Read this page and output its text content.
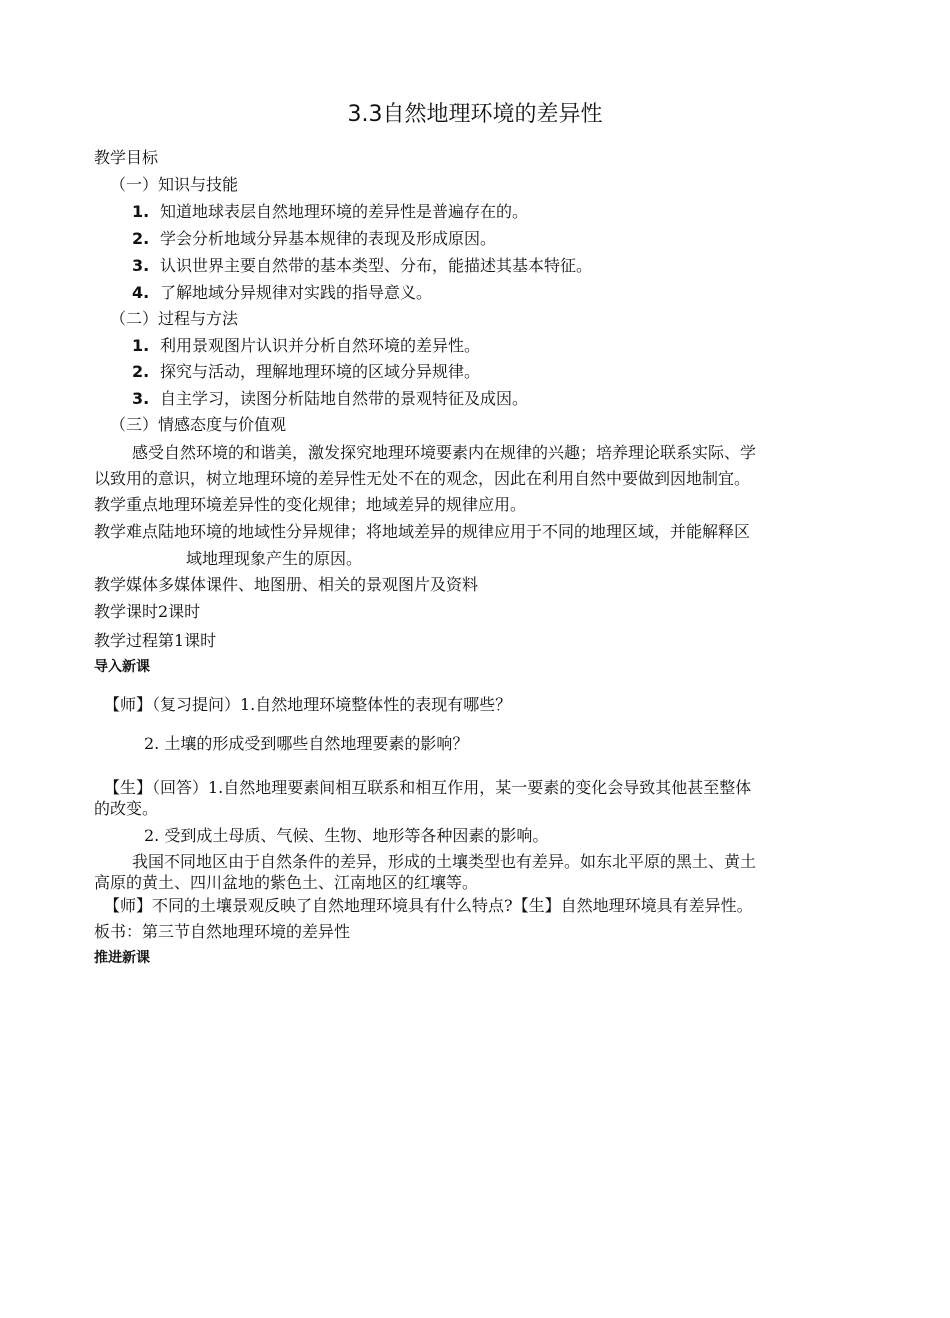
3.3自然地理环境的差异性
教学目标
（一）知识与技能
1. 知道地球表层自然地理环境的差异性是普遍存在的。
2. 学会分析地域分异基本规律的表现及形成原因。
3. 认识世界主要自然带的基本类型、分布，能描述其基本特征。
4. 了解地域分异规律对实践的指导意义。
（二）过程与方法
1. 利用景观图片认识并分析自然环境的差异性。
2. 探究与活动，理解地理环境的区域分异规律。
3. 自主学习，读图分析陆地自然带的景观特征及成因。
（三）情感态度与价值观
感受自然环境的和谐美，激发探究地理环境要素内在规律的兴趣；培养理论联系实际、学
以致用的意识，树立地理环境的差异性无处不在的观念，因此在利用自然中要做到因地制宜。
教学重点地理环境差异性的变化规律；地域差异的规律应用。
教学难点陆地环境的地域性分异规律；将地域差异的规律应用于不同的地理区域，并能解释区
域地理现象产生的原因。
教学媒体多媒体课件、地图册、相关的景观图片及资料
教学课时2课时
教学过程第1课时
导入新课
【师】（复习提问）1.自然地理环境整体性的表现有哪些？
2. 土壤的形成受到哪些自然地理要素的影响？
【生】（回答）1.自然地理要素间相互联系和相互作用，某一要素的变化会导致其他甚至整体
的改变。
2. 受到成土母质、气候、生物、地形等各种因素的影响。
我国不同地区由于自然条件的差异，形成的土壤类型也有差异。如东北平原的黑土、黄土
高原的黄土、四川盆地的紫色土、江南地区的红壤等。
【师】不同的土壤景观反映了自然地理环境具有什么特点?【生】自然地理环境具有差异性。
板书：第三节自然地理环境的差异性
推进新课
